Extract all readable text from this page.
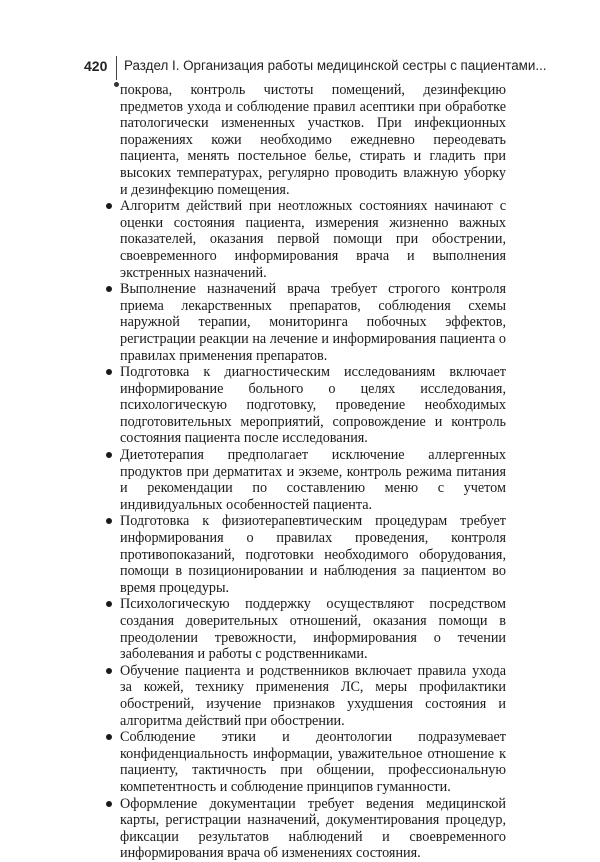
420 Раздел I. Организация работы медицинской сестры с пациентами...

покрова, контроль чистоты помещений, дезинфекцию предметов ухода и соблюдение правил асептики при обработке патологически измененных участков. При инфекционных поражениях кожи необходимо ежедневно переодевать пациента, менять постельное белье, стирать и гладить при высоких температурах, регулярно проводить влажную уборку и дезинфекцию помещения.

Алгоритм действий при неотложных состояниях начинают с оценки состояния пациента, измерения жизненно важных показателей, оказания первой помощи при обострении, своевременного информирования врача и выполнения экстренных назначений.
Выполнение назначений врача требует строгого контроля приема лекарственных препаратов, соблюдения схемы наружной терапии, мониторинга побочных эффектов, регистрации реакции на лечение и информирования пациента о правилах применения препаратов.
Подготовка к диагностическим исследованиям включает информирование больного о целях исследования, психологическую подготовку, проведение необходимых подготовительных мероприятий, сопровождение и контроль состояния пациента после исследования.
Диетотерапия предполагает исключение аллергенных продуктов при дерматитах и экземе, контроль режима питания и рекомендации по составлению меню с учетом индивидуальных особенностей пациента.
Подготовка к физиотерапевтическим процедурам требует информирования о правилах проведения, контроля противопоказаний, подготовки необходимого оборудования, помощи в позиционировании и наблюдения за пациентом во время процедуры.
Психологическую поддержку осуществляют посредством создания доверительных отношений, оказания помощи в преодолении тревожности, информирования о течении заболевания и работы с родственниками.
Обучение пациента и родственников включает правила ухода за кожей, технику применения ЛС, меры профилактики обострений, изучение признаков ухудшения состояния и алгоритма действий при обострении.
Соблюдение этики и деонтологии подразумевает конфиденциальность информации, уважительное отношение к пациенту, тактичность при общении, профессиональную компетентность и соблюдение принципов гуманности.
Оформление документации требует ведения медицинской карты, регистрации назначений, документирования процедур, фиксации результатов наблюдений и своевременного информирования врача об изменениях состояния.
